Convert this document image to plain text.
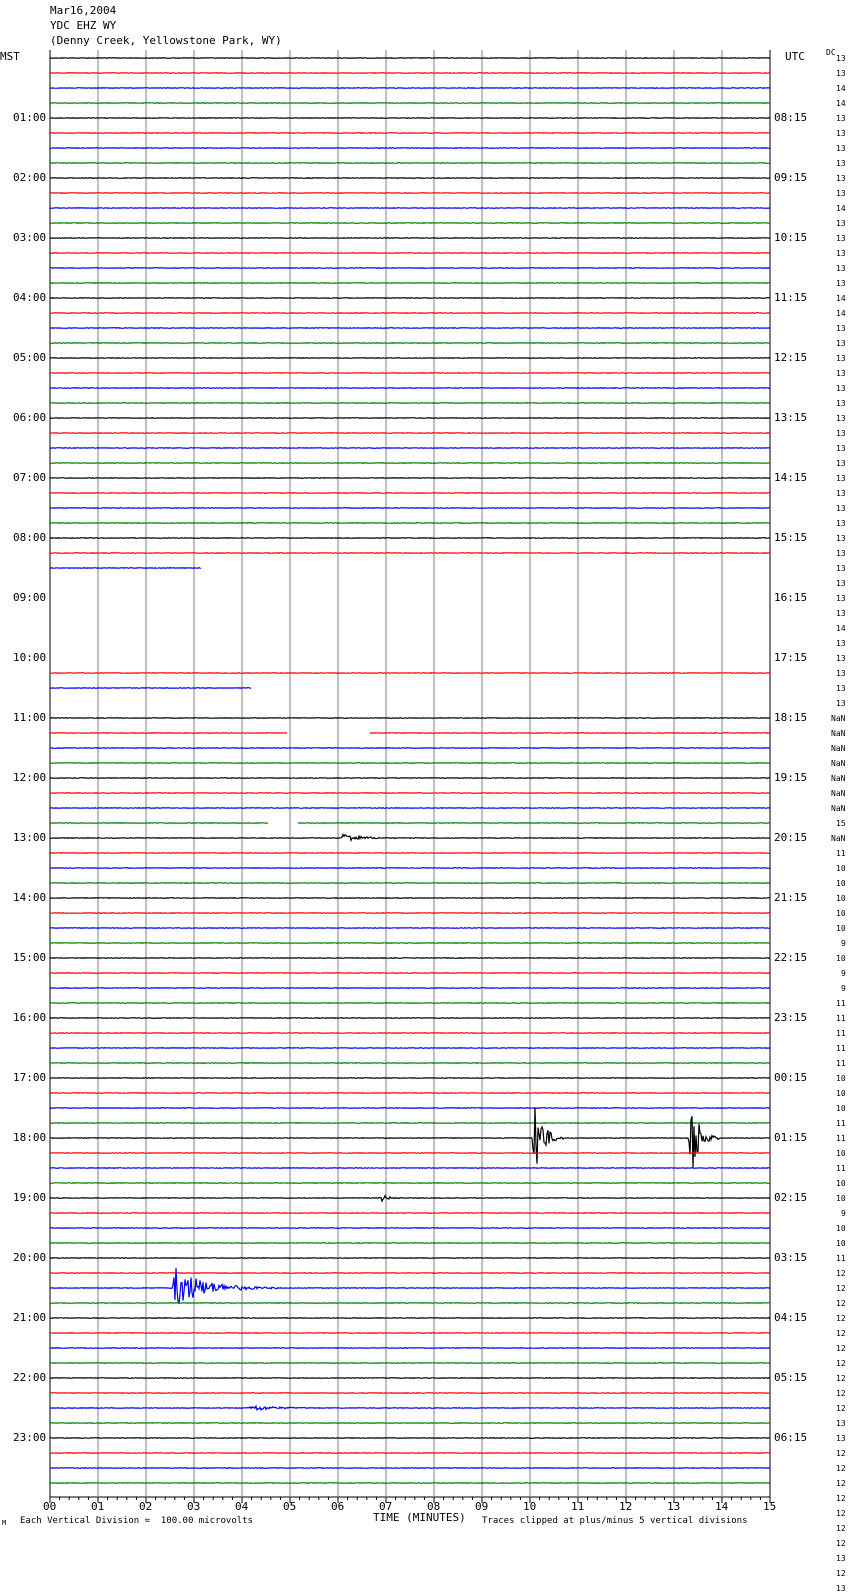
Mar16,2004
YDC EHZ WY
(Denny Creek, Yellowstone Park, WY)
MST	UTC	DC
01:00
02:00
03:00
04:00
05:00
06:00
07:00
08:00
09:00
10:00
11:00
12:00
13:00
14:00
15:00
16:00
17:00
18:00
19:00
20:00
21:00
22:00
23:00
08:15
09:15
10:15
11:15
12:15
13:15
14:15
15:15
16:15
17:15
18:15
19:15
20:15
21:15
22:15
23:15
00:15
01:15
02:15
03:15
04:15
05:15
06:15
13
13
14
14
13
13
13
13
13
13
14
13
13
13
13
13
14
14
13
13
13
13
13
13
13
13
13
13
13
13
13
13
13
13
13
13
13
13
14
13
13
13
13
13
NaN
NaN
NaN
NaN
NaN
NaN
NaN
15
NaN
11
10
10
10
10
10
9
10
9
9
11
11
11
11
11
10
10
10
11
11
10
11
10
10
9
10
10
11
12
12
12
12
12
12
12
12
12
12
13
13
12
12
12
12
12
12
12
13
12
13
00	01	02	03	04	05	06	07	08	09	10	11	12	13	14	15
M Each Vertical Division =  100.00 microvolts	TIME (MINUTES) Traces clipped at plus/minus 5 vertical divisions
